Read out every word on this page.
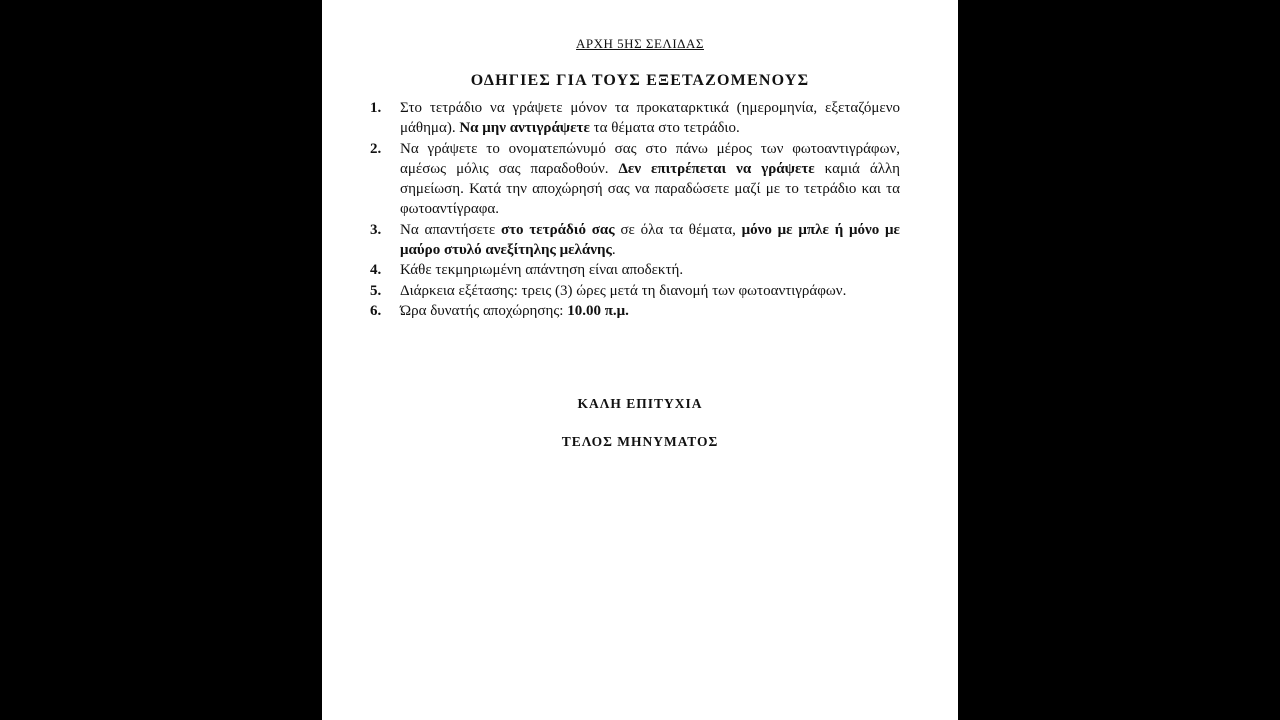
ΑΡΧΗ 5ΗΣ ΣΕΛΙΔΑΣ
ΟΔΗΓΙΕΣ ΓΙΑ ΤΟΥΣ ΕΞΕΤΑΖΟΜΕΝΟΥΣ
1. Στο τετράδιο να γράψετε μόνον τα προκαταρκτικά (ημερομηνία, εξεταζόμενο μάθημα). Να μην αντιγράψετε τα θέματα στο τετράδιο.
2. Να γράψετε το ονοματεπώνυμό σας στο πάνω μέρος των φωτοαντιγράφων, αμέσως μόλις σας παραδοθούν. Δεν επιτρέπεται να γράψετε καμιά άλλη σημείωση. Κατά την αποχώρησή σας να παραδώσετε μαζί με το τετράδιο και τα φωτοαντίγραφα.
3. Να απαντήσετε στο τετράδιό σας σε όλα τα θέματα, μόνο με μπλε ή μόνο με μαύρο στυλό ανεξίτηλης μελάνης.
4. Κάθε τεκμηριωμένη απάντηση είναι αποδεκτή.
5. Διάρκεια εξέτασης: τρεις (3) ώρες μετά τη διανομή των φωτοαντιγράφων.
6. Ώρα δυνατής αποχώρησης: 10.00 π.μ.
ΚΑΛΗ ΕΠΙΤΥΧΙΑ
ΤΕΛΟΣ ΜΗΝΥΜΑΤΟΣ
